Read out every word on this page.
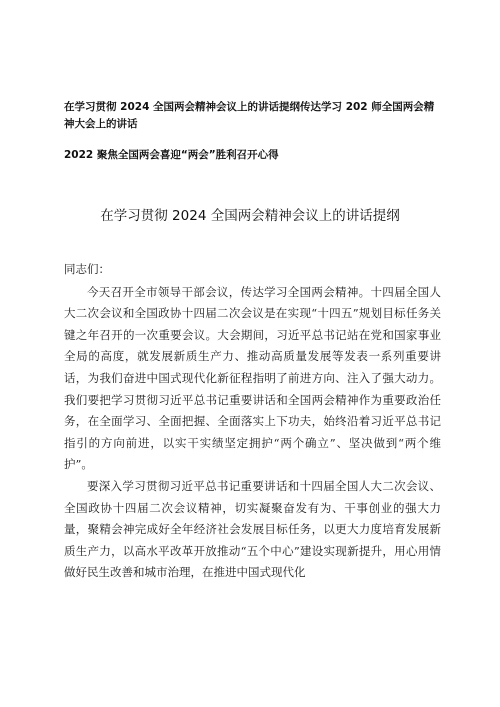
在学习贯彻 2024 全国两会精神会议上的讲话提纲传达学习 202 师全国两会精神大会上的讲话
2022 聚焦全国两会喜迎“两会”胜利召开心得
在学习贯彻 2024 全国两会精神会议上的讲话提纲
同志们：

今天召开全市领导干部会议，传达学习全国两会精神。十四届全国人大二次会议和全国政协十四届二次会议是在实现“十四五”规划目标任务关键之年召开的一次重要会议。大会期间，习近平总书记站在党和国家事业全局的高度，就发展新质生产力、推动高质量发展等发表一系列重要讲话，为我们奋进中国式现代化新征程指明了前进方向、注入了强大动力。我们要把学习贯彻习近平总书记重要讲话和全国两会精神作为重要政治任务，在全面学习、全面把握、全面落实上下功夫，始终沿着习近平总书记指引的方向前进，以实干实绩坚定拥护“两个确立”、坚决做到“两个维护”。

要深入学习贯彻习近平总书记重要讲话和十四届全国人大二次会议、全国政协十四届二次会议精神，切实凝聚奋发有为、干事创业的强大力量，聚精会神完成好全年经济社会发展目标任务，以更大力度培育发展新质生产力，以高水平改革开放推动“五个中心”建设实现新提升，用心用情做好民生改善和城市治理，在推进中国式现代化
